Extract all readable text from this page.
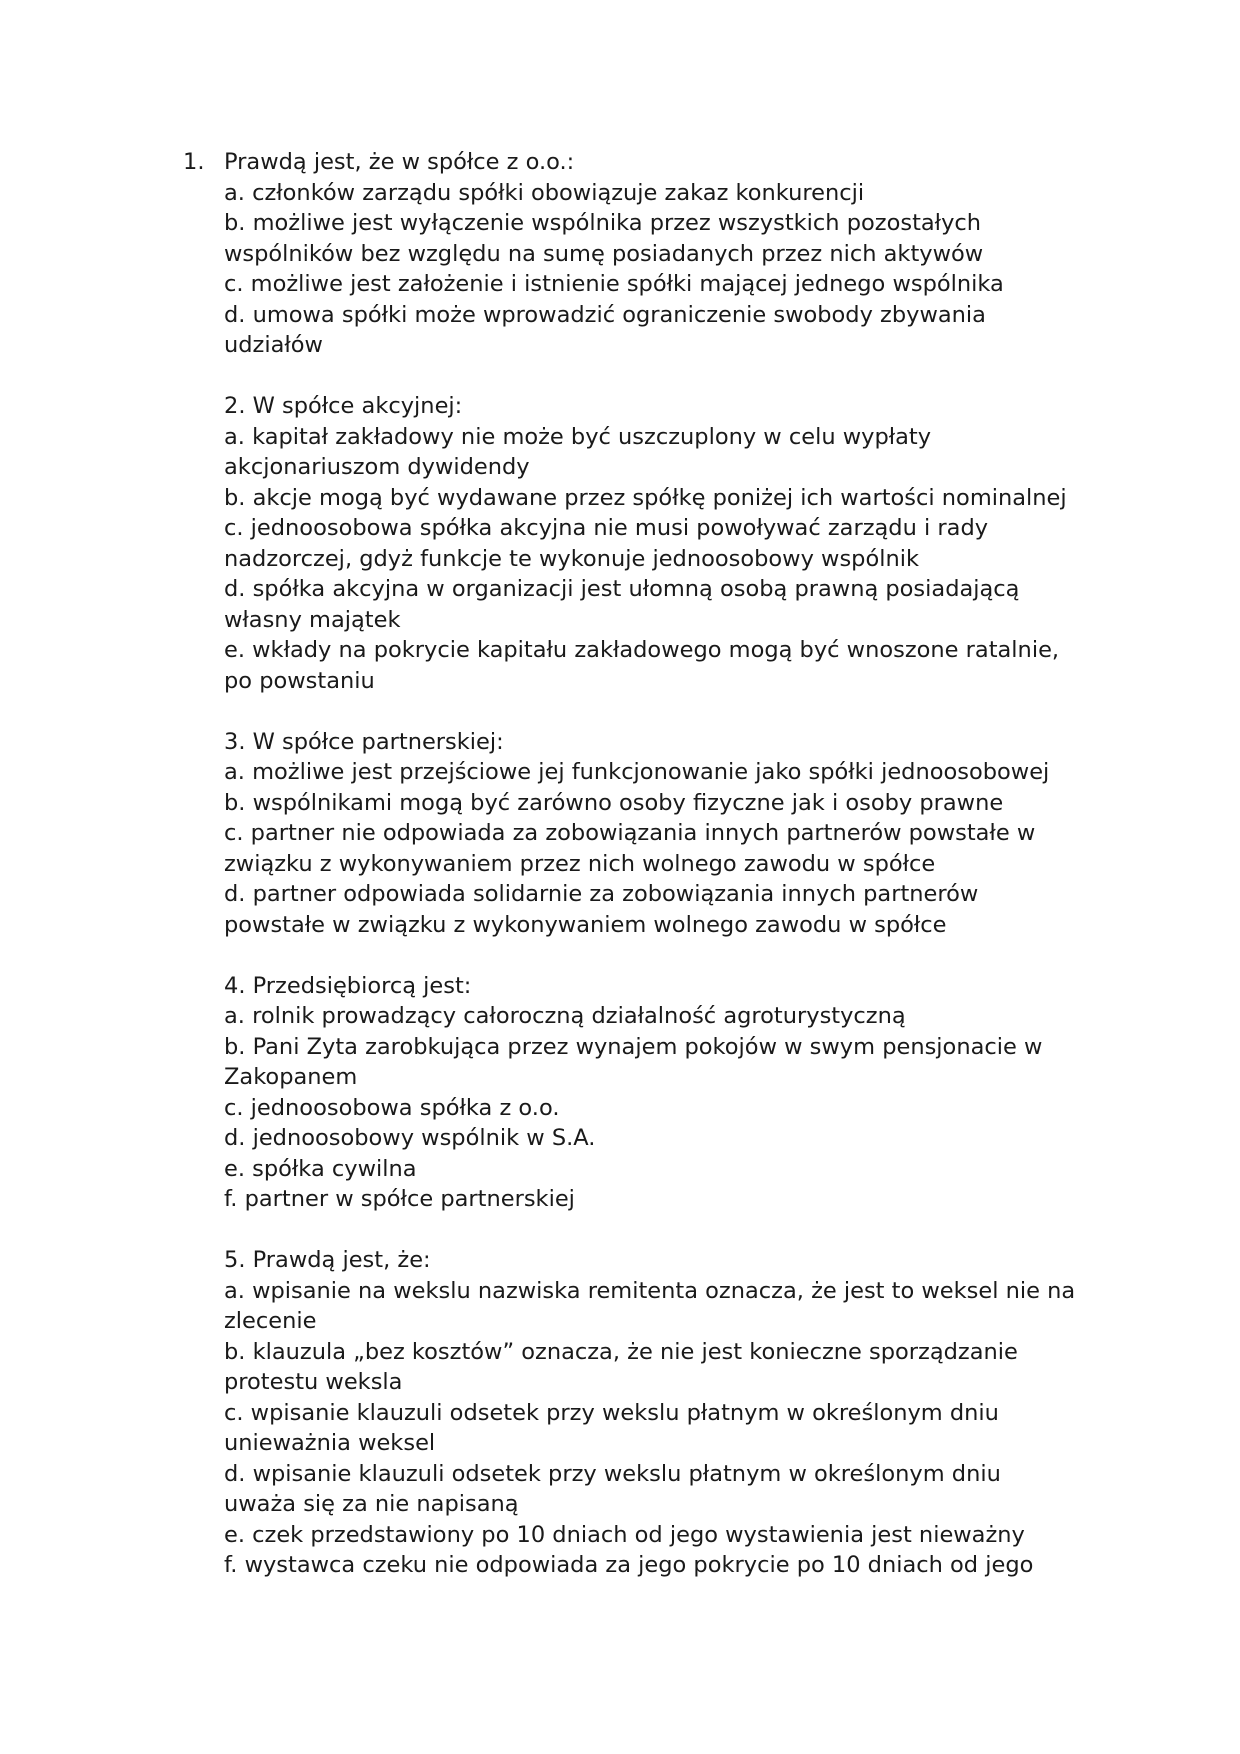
1. Prawdą jest, że w spółce z o.o.:
a. członków zarządu spółki obowiązuje zakaz konkurencji
b. możliwe jest wyłączenie wspólnika przez wszystkich pozostałych
wspólników bez względu na sumę posiadanych przez nich aktywów
c. możliwe jest założenie i istnienie spółki mającej jednego wspólnika
d. umowa spółki może wprowadzić ograniczenie swobody zbywania
udziałów
2. W spółce akcyjnej:
a. kapitał zakładowy nie może być uszczuplony w celu wypłaty
akcjonariuszom dywidendy
b. akcje mogą być wydawane przez spółkę poniżej ich wartości nominalnej
c. jednoosobowa spółka akcyjna nie musi powoływać zarządu i rady
nadzorczej, gdyż funkcje te wykonuje jednoosobowy wspólnik
d. spółka akcyjna w organizacji jest ułomną osobą prawną posiadającą
własny majątek
e. wkłady na pokrycie kapitału zakładowego mogą być wnoszone ratalnie,
po powstaniu
3. W spółce partnerskiej:
a. możliwe jest przejściowe jej funkcjonowanie jako spółki jednoosobowej
b. wspólnikami mogą być zarówno osoby fizyczne jak i osoby prawne
c. partner nie odpowiada za zobowiązania innych partnerów powstałe w
związku z wykonywaniem przez nich wolnego zawodu w spółce
d. partner odpowiada solidarnie za zobowiązania innych partnerów
powstałe w związku z wykonywaniem wolnego zawodu w spółce
4. Przedsiębiorcą jest:
a. rolnik prowadzący całoroczną działalność agroturystyczną
b. Pani Zyta zarobkująca przez wynajem pokojów w swym pensjonacie w
Zakopanem
c. jednoosobowa spółka z o.o.
d. jednoosobowy wspólnik w S.A.
e. spółka cywilna
f. partner w spółce partnerskiej
5. Prawdą jest, że:
a. wpisanie na wekslu nazwiska remitenta oznacza, że jest to weksel nie na
zlecenie
b. klauzula „bez kosztów” oznacza, że nie jest konieczne sporządzanie
protestu weksla
c. wpisanie klauzuli odsetek przy wekslu płatnym w określonym dniu
unieważnia weksel
d. wpisanie klauzuli odsetek przy wekslu płatnym w określonym dniu
uważa się za nie napisaną
e. czek przedstawiony po 10 dniach od jego wystawienia jest nieważny
f. wystawca czeku nie odpowiada za jego pokrycie po 10 dniach od jego
